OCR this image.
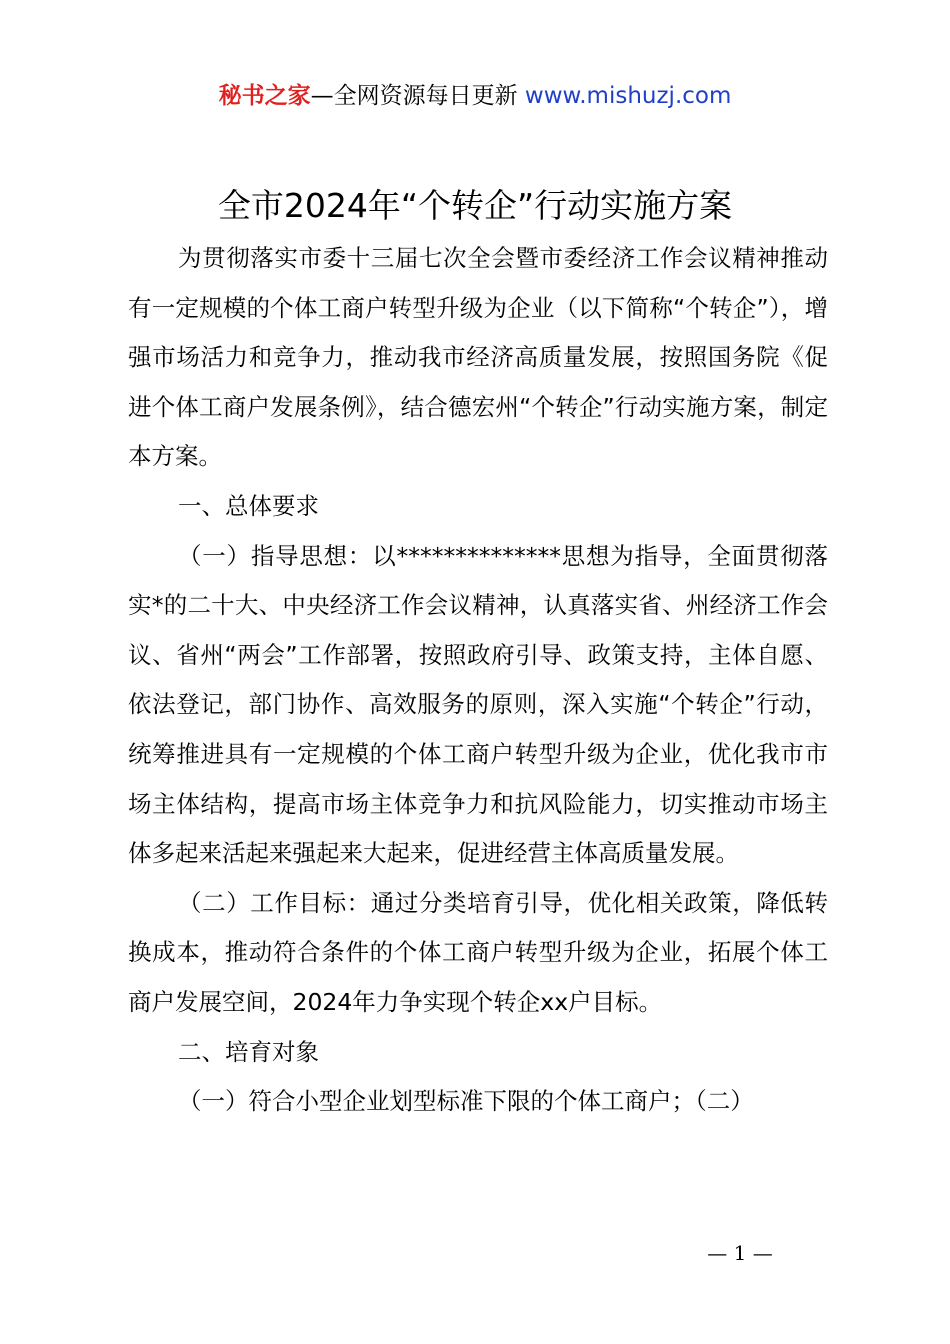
秘书之家—全网资源每日更新 www.mishuzj.com
全市2024年“个转企”行动实施方案

为贯彻落实市委十三届七次全会暨市委经济工作会议精神推动有一定规模的个体工商户转型升级为企业（以下简称“个转企”），增强市场活力和竞争力，推动我市经济高质量发展，按照国务院《促进个体工商户发展条例》，结合德宏州“个转企”行动实施方案，制定本方案。

一、总体要求

（一）指导思想：以**************思想为指导，全面贯彻落实*的二十大、中央经济工作会议精神，认真落实省、州经济工作会议、省州“两会”工作部署，按照政府引导、政策支持，主体自愿、依法登记，部门协作、高效服务的原则，深入实施“个转企”行动，统筹推进具有一定规模的个体工商户转型升级为企业，优化我市市场主体结构，提高市场主体竞争力和抗风险能力，切实推动市场主体多起来活起来强起来大起来，促进经营主体高质量发展。

（二）工作目标：通过分类培育引导，优化相关政策，降低转换成本，推动符合条件的个体工商户转型升级为企业，拓展个体工商户发展空间，2024年力争实现个转企xx户目标。

二、培育对象

（一）符合小型企业划型标准下限的个体工商户；（二）

— 1 —
